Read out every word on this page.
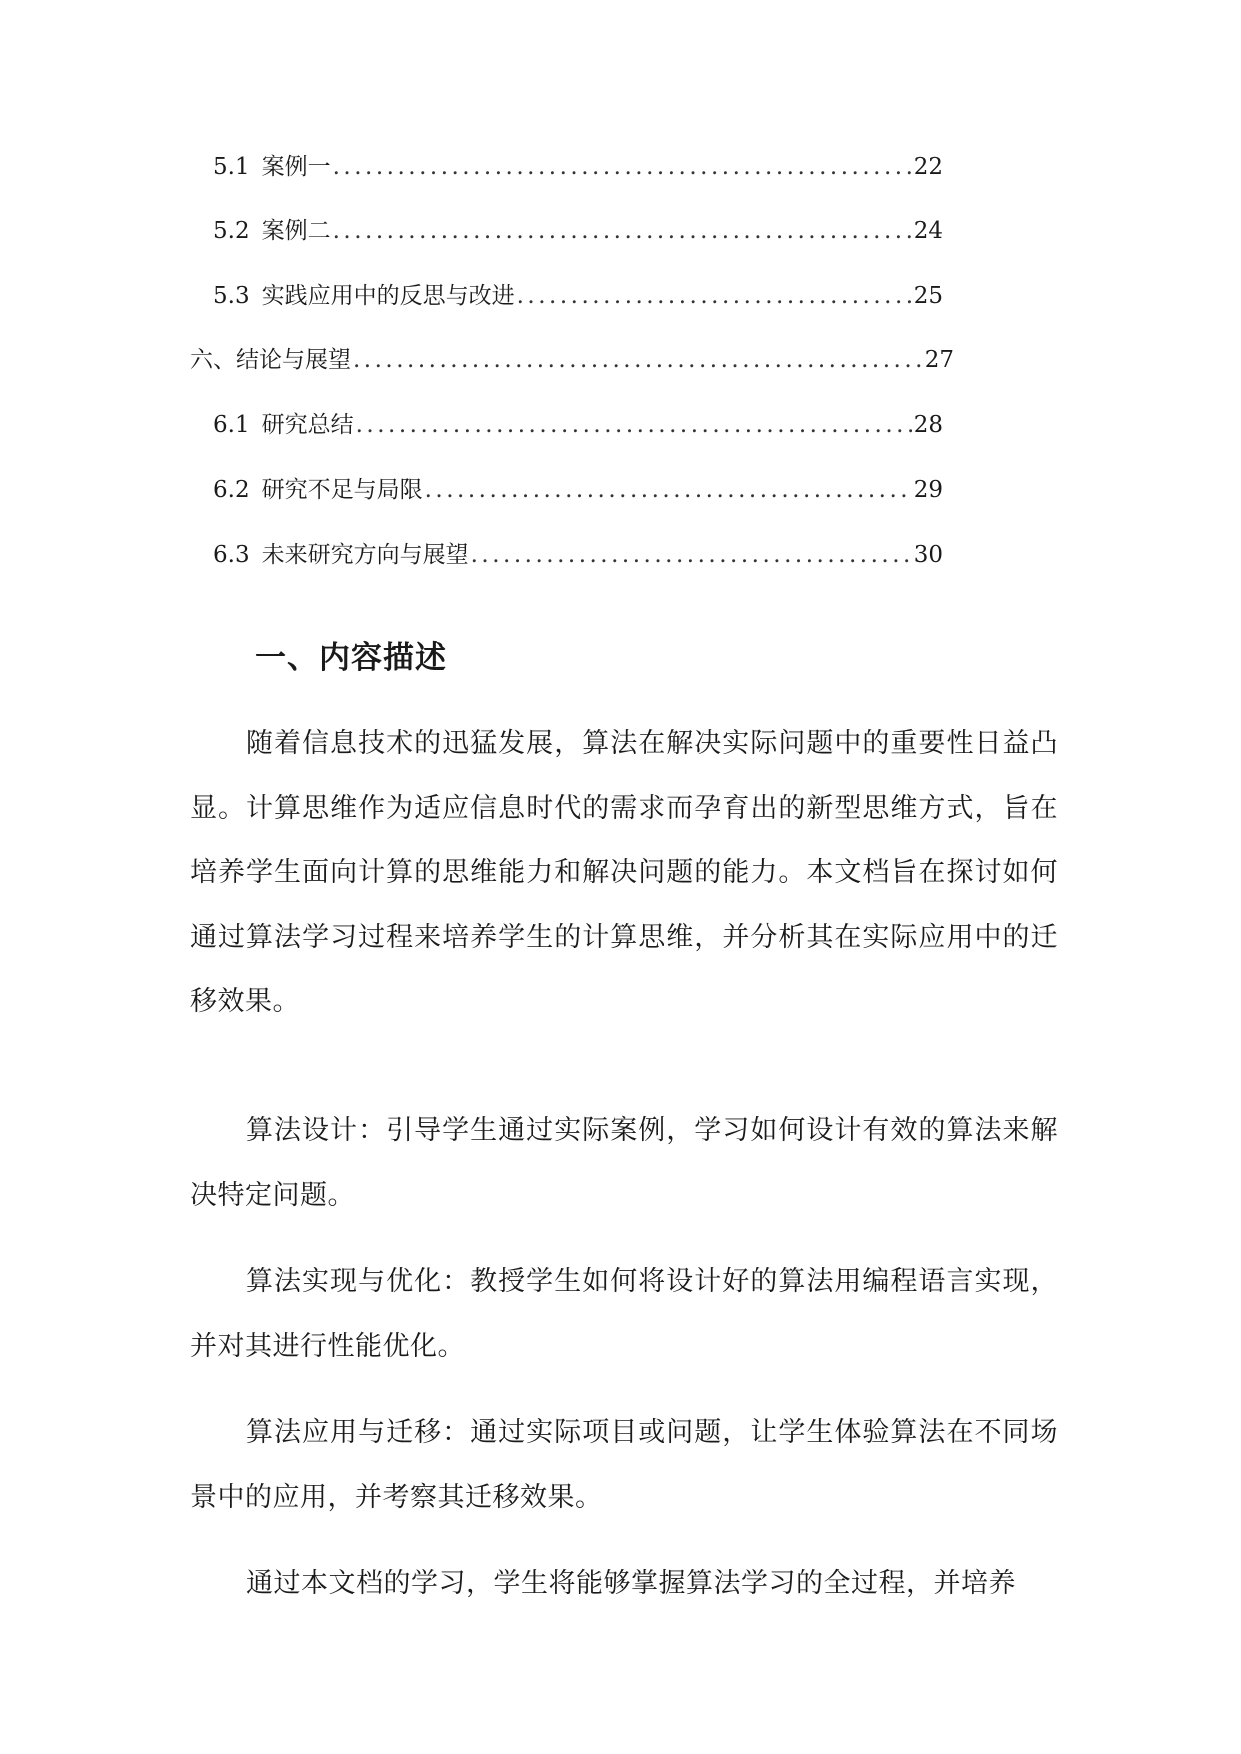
5.1 案例一 .....	22
5.2 案例二 .....	24
5.3 实践应用中的反思与改进 .....	25
六、结论与展望 .....	27
6.1 研究总结 .....	28
6.2 研究不足与局限 .....	29
6.3 未来研究方向与展望 .....	30
一、内容描述

随着信息技术的迅猛发展，算法在解决实际问题中的重要性日益凸显。计算思维作为适应信息时代的需求而孕育出的新型思维方式，旨在培养学生面向计算的思维能力和解决问题的能力。本文档旨在探讨如何通过算法学习过程来培养学生的计算思维，并分析其在实际应用中的迁移效果。

算法设计：引导学生通过实际案例，学习如何设计有效的算法来解决特定问题。

算法实现与优化：教授学生如何将设计好的算法用编程语言实现，并对其进行性能优化。

算法应用与迁移：通过实际项目或问题，让学生体验算法在不同场景中的应用，并考察其迁移效果。

通过本文档的学习，学生将能够掌握算法学习的全过程，并培养
